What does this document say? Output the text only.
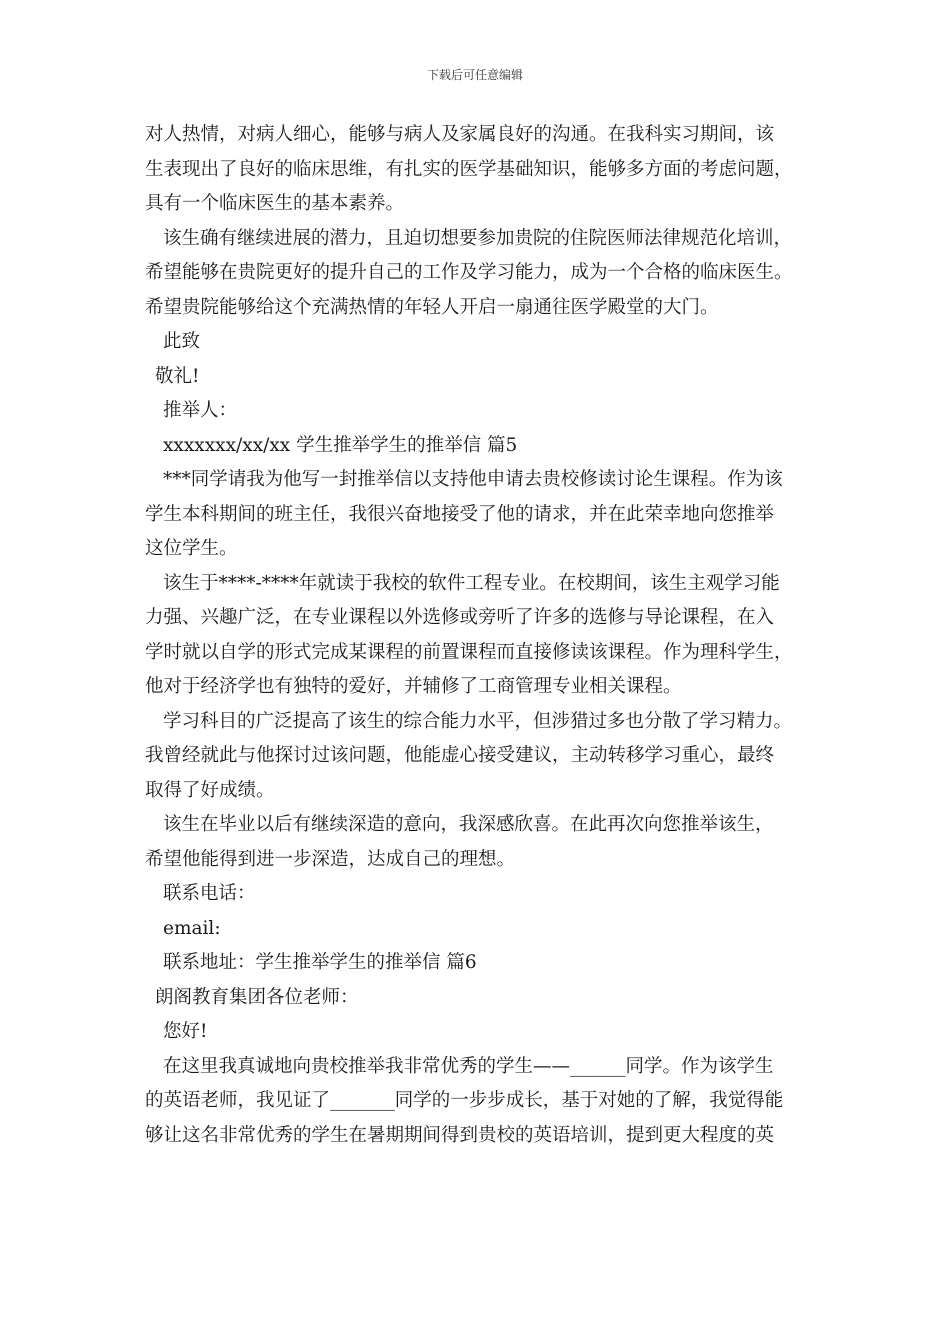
下载后可任意编辑
对人热情，对病人细心，能够与病人及家属良好的沟通。在我科实习期间，该
生表现出了良好的临床思维，有扎实的医学基础知识，能够多方面的考虑问题，
具有一个临床医生的基本素养。
该生确有继续进展的潜力，且迫切想要参加贵院的住院医师法律规范化培训，
希望能够在贵院更好的提升自己的工作及学习能力，成为一个合格的临床医生。
希望贵院能够给这个充满热情的年轻人开启一扇通往医学殿堂的大门。
此致
敬礼!
推举人：
xxxxxxx/xx/xx 学生推举学生的推举信 篇5
***同学请我为他写一封推举信以支持他申请去贵校修读讨论生课程。作为该
学生本科期间的班主任，我很兴奋地接受了他的请求，并在此荣幸地向您推举
这位学生。
该生于****-****年就读于我校的软件工程专业。在校期间，该生主观学习能
力强、兴趣广泛，在专业课程以外选修或旁听了许多的选修与导论课程，在入
学时就以自学的形式完成某课程的前置课程而直接修读该课程。作为理科学生，
他对于经济学也有独特的爱好，并辅修了工商管理专业相关课程。
学习科目的广泛提高了该生的综合能力水平，但涉猎过多也分散了学习精力。
我曾经就此与他探讨过该问题，他能虚心接受建议，主动转移学习重心，最终
取得了好成绩。
该生在毕业以后有继续深造的意向，我深感欣喜。在此再次向您推举该生，
希望他能得到进一步深造，达成自己的理想。
联系电话：
email:
联系地址：学生推举学生的推举信 篇6
朗阁教育集团各位老师：
您好!
在这里我真诚地向贵校推举我非常优秀的学生——______同学。作为该学生
的英语老师，我见证了_______同学的一步步成长，基于对她的了解，我觉得能
够让这名非常优秀的学生在暑期期间得到贵校的英语培训，提到更大程度的英
